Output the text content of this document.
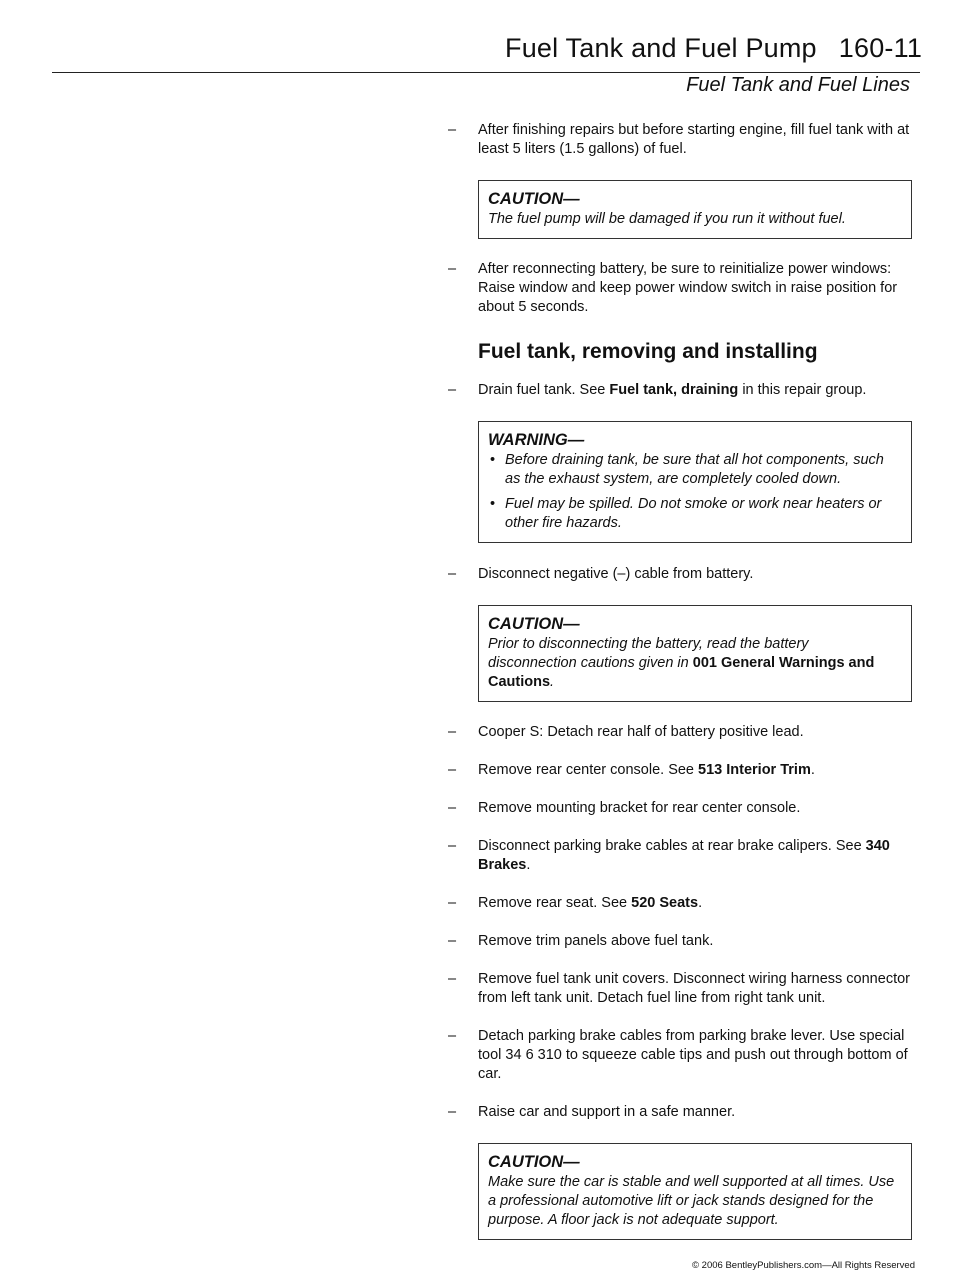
Fuel Tank and Fuel Pump 160-11
Fuel Tank and Fuel Lines
–	After finishing repairs but before starting engine, fill fuel tank with at least 5 liters (1.5 gallons) of fuel.
CAUTION—
The fuel pump will be damaged if you run it without fuel.
–	After reconnecting battery, be sure to reinitialize power windows: Raise window and keep power window switch in raise position for about 5 seconds.
Fuel tank, removing and installing
–	Drain fuel tank. See Fuel tank, draining in this repair group.
WARNING—
• Before draining tank, be sure that all hot components, such as the exhaust system, are completely cooled down.
• Fuel may be spilled. Do not smoke or work near heaters or other fire hazards.
–	Disconnect negative (–) cable from battery.
CAUTION—
Prior to disconnecting the battery, read the battery disconnection cautions given in 001 General Warnings and Cautions.
–	Cooper S: Detach rear half of battery positive lead.
–	Remove rear center console. See 513 Interior Trim.
–	Remove mounting bracket for rear center console.
–	Disconnect parking brake cables at rear brake calipers. See 340 Brakes.
–	Remove rear seat. See 520 Seats.
–	Remove trim panels above fuel tank.
–	Remove fuel tank unit covers. Disconnect wiring harness connector from left tank unit. Detach fuel line from right tank unit.
–	Detach parking brake cables from parking brake lever. Use special tool 34 6 310 to squeeze cable tips and push out through bottom of car.
–	Raise car and support in a safe manner.
CAUTION—
Make sure the car is stable and well supported at all times. Use a professional automotive lift or jack stands designed for the purpose. A floor jack is not adequate support.
© 2006 BentleyPublishers.com—All Rights Reserved
